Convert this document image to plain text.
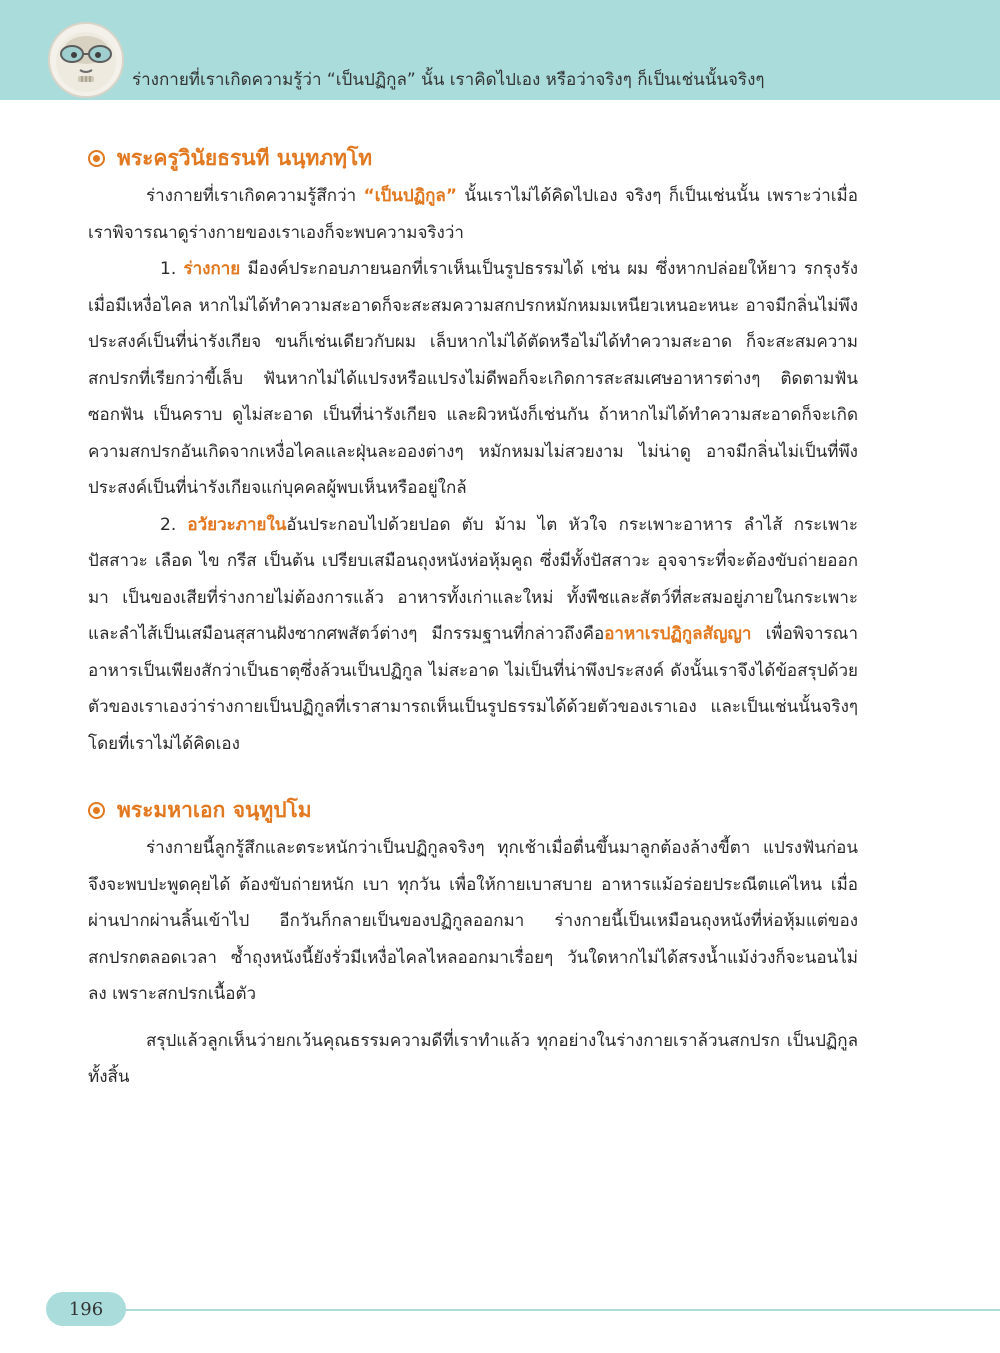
ร่างกายที่เราเกิดความรู้ว่า “เป็นปฏิกูล” นั้น เราคิดไปเอง หรือว่าจริงๆ ก็เป็นเช่นนั้นจริงๆ
พระครูวินัยธรนที นนฺทภทฺโท

ร่างกายที่เราเกิดความรู้สึกว่า “เป็นปฏิกูล” นั้นเราไม่ได้คิดไปเอง จริงๆ ก็เป็นเช่นนั้น เพราะว่าเมื่อเราพิจารณาดูร่างกายของเราเองก็จะพบความจริงว่า

1. ร่างกาย มีองค์ประกอบภายนอกที่เราเห็นเป็นรูปธรรมได้ เช่น ผม ซึ่งหากปล่อยให้ยาว รกรุงรัง เมื่อมีเหงื่อไคล หากไม่ได้ทำความสะอาดก็จะสะสมความสกปรกหมักหมมเหนียวเหนอะหนะ อาจมีกลิ่นไม่พึงประสงค์เป็นที่น่ารังเกียจ ขนก็เช่นเดียวกับผม เล็บหากไม่ได้ตัดหรือไม่ได้ทำความสะอาด ก็จะสะสมความสกปรกที่เรียกว่าขี้เล็บ ฟันหากไม่ได้แปรงหรือแปรงไม่ดีพอก็จะเกิดการสะสมเศษอาหารต่างๆ ติดตามฟัน ซอกฟัน เป็นคราบ ดูไม่สะอาด เป็นที่น่ารังเกียจ และผิวหนังก็เช่นกัน ถ้าหากไม่ได้ทำความสะอาดก็จะเกิดความสกปรกอันเกิดจากเหงื่อไคลและฝุ่นละอองต่างๆ หมักหมมไม่สวยงาม ไม่น่าดู อาจมีกลิ่นไม่เป็นที่พึงประสงค์เป็นที่น่ารังเกียจแก่บุคคลผู้พบเห็นหรืออยู่ใกล้

2. อวัยวะภายในอันประกอบไปด้วยปอด ตับ ม้าม ไต หัวใจ กระเพาะอาหาร ลำไส้ กระเพาะปัสสาวะ เลือด ไข กรีส เป็นต้น เปรียบเสมือนถุงหนังห่อหุ้มคูถ ซึ่งมีทั้งปัสสาวะ อุจจาระที่จะต้องขับถ่ายออกมา เป็นของเสียที่ร่างกายไม่ต้องการแล้ว อาหารทั้งเก่าและใหม่ ทั้งพืชและสัตว์ที่สะสมอยู่ภายในกระเพาะและลำไส้เป็นเสมือนสุสานฝังซากศพสัตว์ต่างๆ มีกรรมฐานที่กล่าวถึงคืออาหาเรปฏิกูลสัญญา เพื่อพิจารณาอาหารเป็นเพียงสักว่าเป็นธาตุซึ่งล้วนเป็นปฏิกูล ไม่สะอาด ไม่เป็นที่น่าพึงประสงค์ ดังนั้นเราจึงได้ข้อสรุปด้วยตัวของเราเองว่าร่างกายเป็นปฏิกูลที่เราสามารถเห็นเป็นรูปธรรมได้ด้วยตัวของเราเอง และเป็นเช่นนั้นจริงๆ โดยที่เราไม่ได้คิดเอง

พระมหาเอก จนฺทูปโม

ร่างกายนี้ลูกรู้สึกและตระหนักว่าเป็นปฏิกูลจริงๆ ทุกเช้าเมื่อตื่นขึ้นมาลูกต้องล้างขี้ตา แปรงฟันก่อนจึงจะพบปะพูดคุยได้ ต้องขับถ่ายหนัก เบา ทุกวัน เพื่อให้กายเบาสบาย อาหารแม้อร่อยประณีตแค่ไหน เมื่อผ่านปากผ่านลิ้นเข้าไป อีกวันก็กลายเป็นของปฏิกูลออกมา ร่างกายนี้เป็นเหมือนถุงหนังที่ห่อหุ้มแต่ของสกปรกตลอดเวลา ซ้ำถุงหนังนี้ยังรั่วมีเหงื่อไคลไหลออกมาเรื่อยๆ วันใดหากไม่ได้สรงน้ำแม้ง่วงก็จะนอนไม่ลง เพราะสกปรกเนื้อตัว

สรุปแล้วลูกเห็นว่ายกเว้นคุณธรรมความดีที่เราทำแล้ว ทุกอย่างในร่างกายเราล้วนสกปรก เป็นปฏิกูลทั้งสิ้น

196
